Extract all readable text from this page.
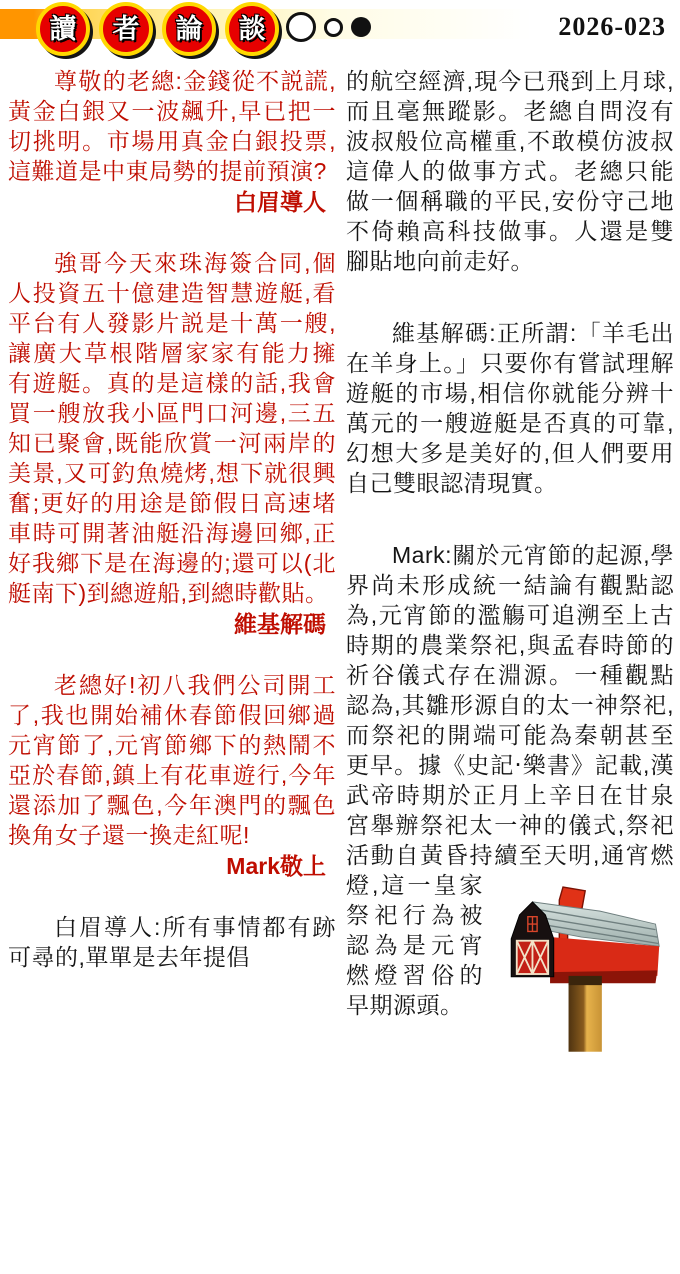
讀 者 論 談	2026-023

尊敬的老總:金錢從不説謊,黃金白銀又一波飆升,早已把一切挑明。市場用真金白銀投票,這難道是中東局勢的提前預演?

白眉導人

強哥今天來珠海簽合同,個人投資五十億建造智慧遊艇,看平台有人發影片説是十萬一艘,讓廣大草根階層家家有能力擁有遊艇。真的是這樣的話,我會買一艘放我小區門口河邊,三五知已聚會,既能欣賞一河兩岸的美景,又可釣魚燒烤,想下就很興奮;更好的用途是節假日高速堵車時可開著油艇沿海邊回鄉,正好我鄉下是在海邊的;還可以(北艇南下)到總遊船,到總時歡貼。

維基解碼

老總好!初八我們公司開工了,我也開始補休春節假回鄉過元宵節了,元宵節鄉下的熱鬧不亞於春節,鎮上有花車遊行,今年還添加了飄色,今年澳門的飄色換角女子還一換走紅呢!

Mark敬上

白眉導人:所有事情都有跡可尋的,單單是去年提倡

的航空經濟,現今已飛到上月球,而且毫無蹤影。老總自問沒有波叔般位高權重,不敢模仿波叔這偉人的做事方式。老總只能做一個稱職的平民,安份守己地不倚賴高科技做事。人還是雙腳貼地向前走好。

維基解碼:正所謂:「羊毛出在羊身上。」只要你有嘗試理解遊艇的市場,相信你就能分辨十萬元的一艘遊艇是否真的可靠,幻想大多是美好的,但人們要用自己雙眼認清現實。

Mark:關於元宵節的起源,學界尚未形成統一結論有觀點認為,元宵節的濫觴可追溯至上古時期的農業祭祀,與孟春時節的祈谷儀式存在淵源。一種觀點認為,其雛形源自的太一神祭祀,而祭祀的開端可能為秦朝甚至更早。據《史記‧樂書》記載,漢武帝時期於正月上辛日在甘泉宮舉辦祭祀太一神的儀式,祭祀活動自黃昏持續至天明,通宵燃
燈,這一皇家祭祀行為被認為是元宵燃燈習俗的早期源頭。
